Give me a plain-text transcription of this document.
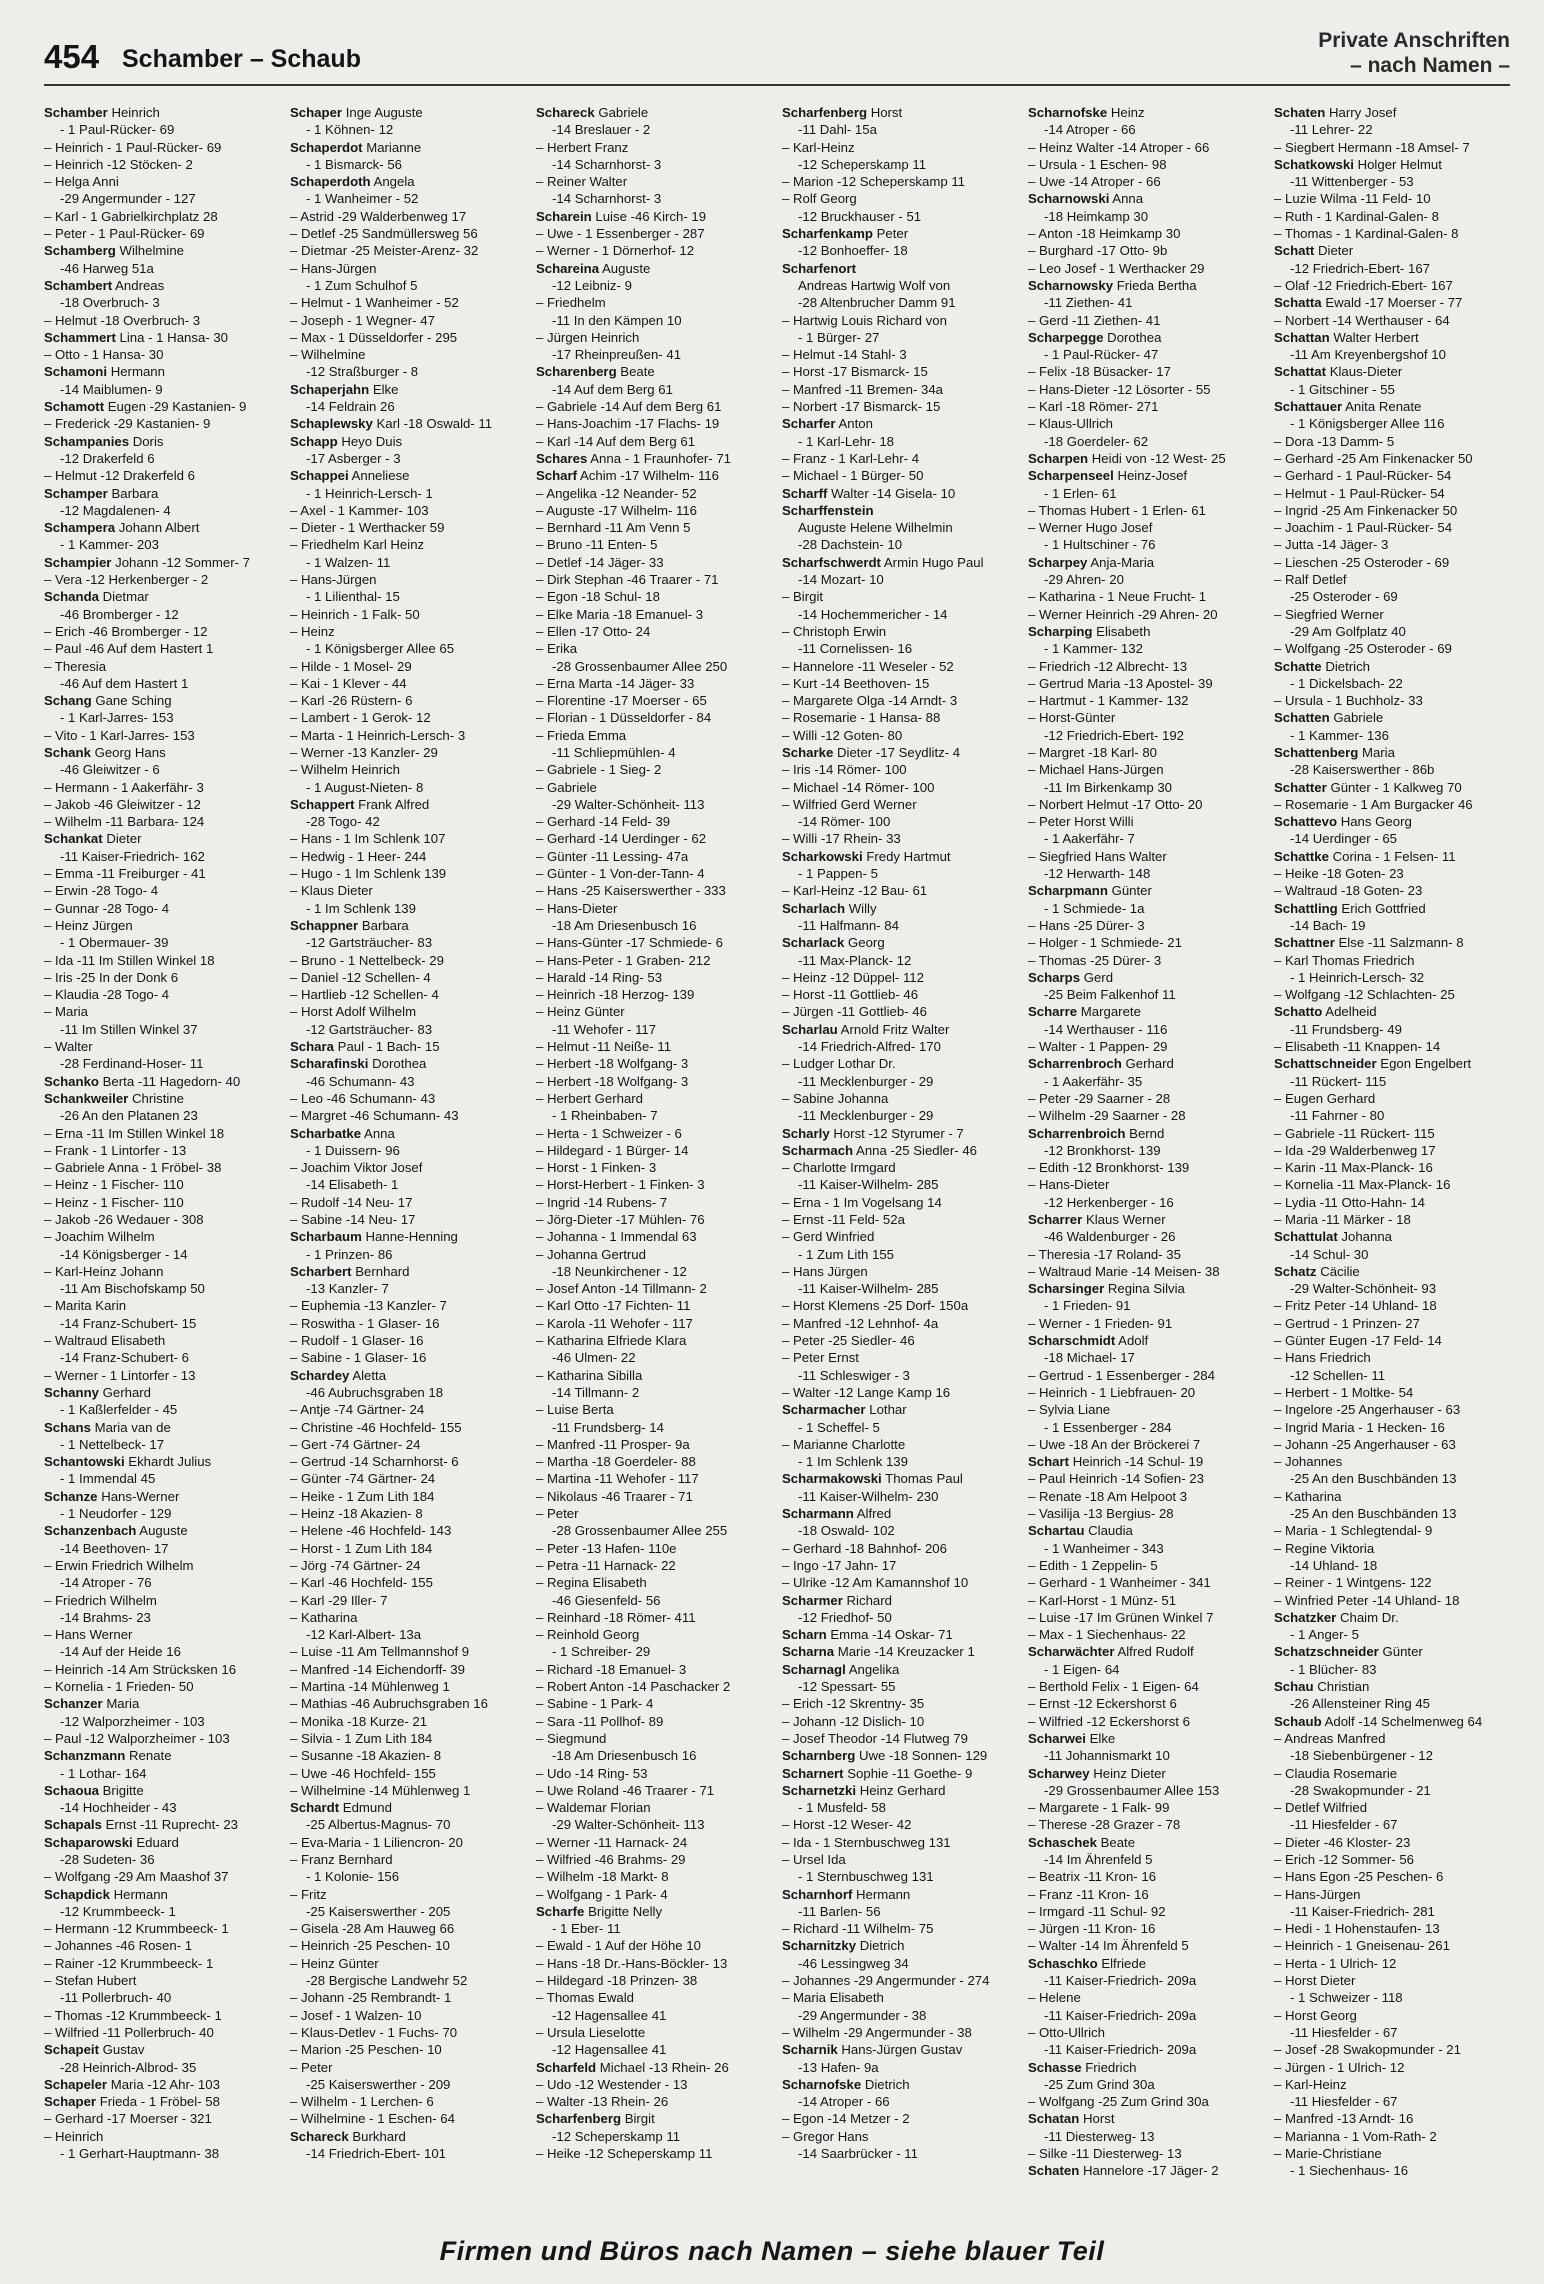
454 Schamber – Schaub
Private Anschriften
– nach Namen –
Schamber Heinrich
- 1 Paul-Rücker- 69
– Heinrich - 1 Paul-Rücker- 69
– Heinrich -12 Stöcken- 2
– Helga Anni
-29 Angermunder - 127
– Karl - 1 Gabrielkirchplatz 28
– Peter - 1 Paul-Rücker- 69
Schamberg Wilhelmine
-46 Harweg 51a
Schambert Andreas
-18 Overbruch- 3
– Helmut -18 Overbruch- 3
Schammert Lina - 1 Hansa- 30
– Otto - 1 Hansa- 30
Schamoni Hermann
-14 Maiblumen- 9
Schamott Eugen -29 Kastanien- 9
– Frederick -29 Kastanien- 9
Schampanies Doris
-12 Drakerfeld 6
– Helmut -12 Drakerfeld 6
Schamper Barbara
-12 Magdalenen- 4
Schampera Johann Albert
- 1 Kammer- 203
Schampier Johann -12 Sommer- 7
– Vera -12 Herkenberger - 2
Schanda Dietmar
-46 Bromberger - 12
– Erich -46 Bromberger - 12
– Paul -46 Auf dem Hastert 1
– Theresia
-46 Auf dem Hastert 1
Schang Gane Sching
- 1 Karl-Jarres- 153
– Vito - 1 Karl-Jarres- 153
Schank Georg Hans
-46 Gleiwitzer - 6
– Hermann - 1 Aakerfähr- 3
– Jakob -46 Gleiwitzer - 12
– Wilhelm -11 Barbara- 124
Schankat Dieter
-11 Kaiser-Friedrich- 162
– Emma -11 Freiburger - 41
– Erwin -28 Togo- 4
– Gunnar -28 Togo- 4
– Heinz Jürgen
- 1 Obermauer- 39
– Ida -11 Im Stillen Winkel 18
– Iris -25 In der Donk 6
– Klaudia -28 Togo- 4
– Maria
-11 Im Stillen Winkel 37
– Walter
-28 Ferdinand-Hoser- 11
Schanko Berta -11 Hagedorn- 40
Schankweiler Christine
-26 An den Platanen 23
– Erna -11 Im Stillen Winkel 18
– Frank - 1 Lintorfer - 13
– Gabriele Anna - 1 Fröbel- 38
– Heinz - 1 Fischer- 110
– Heinz - 1 Fischer- 110
– Jakob -26 Wedauer - 308
– Joachim Wilhelm
-14 Königsberger - 14
– Karl-Heinz Johann
-11 Am Bischofskamp 50
– Marita Karin
-14 Franz-Schubert- 15
– Waltraud Elisabeth
-14 Franz-Schubert- 6
– Werner - 1 Lintorfer - 13
Schanny Gerhard
- 1 Kaßlerfelder - 45
Schans Maria van de
- 1 Nettelbeck- 17
Schantowski Ekhardt Julius
- 1 Immendal 45
Schanze Hans-Werner
- 1 Neudorfer - 129
Schanzenbach Auguste
-14 Beethoven- 17
– Erwin Friedrich Wilhelm
-14 Atroper - 76
– Friedrich Wilhelm
-14 Brahms- 23
– Hans Werner
-14 Auf der Heide 16
– Heinrich -14 Am Strücksken 16
– Kornelia - 1 Frieden- 50
Schanzer Maria
-12 Walporzheimer - 103
– Paul -12 Walporzheimer - 103
Schanzmann Renate
- 1 Lothar- 164
Schaoua Brigitte
-14 Hochheider - 43
Schapals Ernst -11 Ruprecht- 23
Schaparowski Eduard
-28 Sudeten- 36
– Wolfgang -29 Am Maashof 37
Schapdick Hermann
-12 Krummbeeck- 1
– Hermann -12 Krummbeeck- 1
– Johannes -46 Rosen- 1
– Rainer -12 Krummbeeck- 1
– Stefan Hubert
-11 Pollerbruch- 40
– Thomas -12 Krummbeeck- 1
– Wilfried -11 Pollerbruch- 40
Schapeit Gustav
-28 Heinrich-Albrod- 35
Schapeler Maria -12 Ahr- 103
Schaper Frieda - 1 Fröbel- 58
– Gerhard -17 Moerser - 321
– Heinrich
- 1 Gerhart-Hauptmann- 38
Schaper Inge Auguste
- 1 Köhnen- 12
Schaperdot Marianne
- 1 Bismarck- 56
Schaperdoth Angela
- 1 Wanheimer - 52
– Astrid -29 Walderbenweg 17
– Detlef -25 Sandmüllersweg 56
– Dietmar -25 Meister-Arenz- 32
– Hans-Jürgen
- 1 Zum Schulhof 5
– Helmut - 1 Wanheimer - 52
– Joseph - 1 Wegner- 47
– Max - 1 Düsseldorfer - 295
– Wilhelmine
-12 Straßburger - 8
Schaperjahn Elke
-14 Feldrain 26
Schaplewsky Karl -18 Oswald- 11
Schapp Heyo Duis
-17 Asberger - 3
Schappei Anneliese
- 1 Heinrich-Lersch- 1
– Axel - 1 Kammer- 103
– Dieter - 1 Werthacker 59
– Friedhelm Karl Heinz
- 1 Walzen- 11
– Hans-Jürgen
- 1 Lilienthal- 15
– Heinrich - 1 Falk- 50
– Heinz
- 1 Königsberger Allee 65
– Hilde - 1 Mosel- 29
– Kai - 1 Klever - 44
– Karl -26 Rüstern- 6
– Lambert - 1 Gerok- 12
– Marta - 1 Heinrich-Lersch- 3
– Werner -13 Kanzler- 29
– Wilhelm Heinrich
- 1 August-Nieten- 8
Schappert Frank Alfred
-28 Togo- 42
– Hans - 1 Im Schlenk 107
– Hedwig - 1 Heer- 244
– Hugo - 1 Im Schlenk 139
– Klaus Dieter
- 1 Im Schlenk 139
Schappner Barbara
-12 Gartsträucher- 83
– Bruno - 1 Nettelbeck- 29
– Daniel -12 Schellen- 4
– Hartlieb -12 Schellen- 4
– Horst Adolf Wilhelm
-12 Gartsträucher- 83
Schara Paul - 1 Bach- 15
Scharafinski Dorothea
-46 Schumann- 43
– Leo -46 Schumann- 43
– Margret -46 Schumann- 43
Scharbatke Anna
- 1 Duissern- 96
– Joachim Viktor Josef
-14 Elisabeth- 1
– Rudolf -14 Neu- 17
– Sabine -14 Neu- 17
Scharbaum Hanne-Henning
- 1 Prinzen- 86
Scharbert Bernhard
-13 Kanzler- 7
– Euphemia -13 Kanzler- 7
– Roswitha - 1 Glaser- 16
– Rudolf - 1 Glaser- 16
– Sabine - 1 Glaser- 16
Schardey Aletta
-46 Aubruchsgraben 18
– Antje -74 Gärtner- 24
– Christine -46 Hochfeld- 155
– Gert -74 Gärtner- 24
– Gertrud -14 Scharnhorst- 6
– Günter -74 Gärtner- 24
– Heike - 1 Zum Lith 184
– Heinz -18 Akazien- 8
– Helene -46 Hochfeld- 143
– Horst - 1 Zum Lith 184
– Jörg -74 Gärtner- 24
– Karl -46 Hochfeld- 155
– Karl -29 Iller- 7
– Katharina
-12 Karl-Albert- 13a
– Luise -11 Am Tellmannshof 9
– Manfred -14 Eichendorff- 39
– Martina -14 Mühlenweg 1
– Mathias -46 Aubruchsgraben 16
– Monika -18 Kurze- 21
– Silvia - 1 Zum Lith 184
– Susanne -18 Akazien- 8
– Uwe -46 Hochfeld- 155
– Wilhelmine -14 Mühlenweg 1
Schardt Edmund
-25 Albertus-Magnus- 70
– Eva-Maria - 1 Liliencron- 20
– Franz Bernhard
- 1 Kolonie- 156
– Fritz
-25 Kaiserswerther - 205
– Gisela -28 Am Hauweg 66
– Heinrich -25 Peschen- 10
– Heinz Günter
-28 Bergische Landwehr 52
– Johann -25 Rembrandt- 1
– Josef - 1 Walzen- 10
– Klaus-Detlev - 1 Fuchs- 70
– Marion -25 Peschen- 10
– Peter
-25 Kaiserswerther - 209
– Wilhelm - 1 Lerchen- 6
– Wilhelmine - 1 Eschen- 64
Schareck Burkhard
-14 Friedrich-Ebert- 101
Schareck Gabriele
-14 Breslauer - 2
– Herbert Franz
-14 Scharnhorst- 3
– Reiner Walter
-14 Scharnhorst- 3
Scharein Luise -46 Kirch- 19
– Uwe - 1 Essenberger - 287
– Werner - 1 Dörnerhof- 12
Schareina Auguste
-12 Leibniz- 9
– Friedhelm
-11 In den Kämpen 10
– Jürgen Heinrich
-17 Rheinpreußen- 41
Scharenberg Beate
-14 Auf dem Berg 61
– Gabriele -14 Auf dem Berg 61
– Hans-Joachim -17 Flachs- 19
– Karl -14 Auf dem Berg 61
Schares Anna - 1 Fraunhofer- 71
Scharf Achim -17 Wilhelm- 116
– Angelika -12 Neander- 52
– Auguste -17 Wilhelm- 116
– Bernhard -11 Am Venn 5
– Bruno -11 Enten- 5
– Detlef -14 Jäger- 33
– Dirk Stephan -46 Traarer - 71
– Egon -18 Schul- 18
– Elke Maria -18 Emanuel- 3
– Ellen -17 Otto- 24
– Erika
-28 Grossenbaumer Allee 250
– Erna Marta -14 Jäger- 33
– Florentine -17 Moerser - 65
– Florian - 1 Düsseldorfer - 84
– Frieda Emma
-11 Schliepmühlen- 4
– Gabriele - 1 Sieg- 2
– Gabriele
-29 Walter-Schönheit- 113
– Gerhard -14 Feld- 39
– Gerhard -14 Uerdinger - 62
– Günter -11 Lessing- 47a
– Günter - 1 Von-der-Tann- 4
– Hans -25 Kaiserswerther - 333
– Hans-Dieter
-18 Am Driesenbusch 16
– Hans-Günter -17 Schmiede- 6
– Hans-Peter - 1 Graben- 212
– Harald -14 Ring- 53
– Heinrich -18 Herzog- 139
– Heinz Günter
-11 Wehofer - 117
– Helmut -11 Neiße- 11
– Herbert -18 Wolfgang- 3
– Herbert -18 Wolfgang- 3
– Herbert Gerhard
- 1 Rheinbaben- 7
– Herta - 1 Schweizer - 6
– Hildegard - 1 Bürger- 14
– Horst - 1 Finken- 3
– Horst-Herbert - 1 Finken- 3
– Ingrid -14 Rubens- 7
– Jörg-Dieter -17 Mühlen- 76
– Johanna - 1 Immendal 63
– Johanna Gertrud
-18 Neunkirchener - 12
– Josef Anton -14 Tillmann- 2
– Karl Otto -17 Fichten- 11
– Karola -11 Wehofer - 117
– Katharina Elfriede Klara
-46 Ulmen- 22
– Katharina Sibilla
-14 Tillmann- 2
– Luise Berta
-11 Frundsberg- 14
– Manfred -11 Prosper- 9a
– Martha -18 Goerdeler- 88
– Martina -11 Wehofer - 117
– Nikolaus -46 Traarer - 71
– Peter
-28 Grossenbaumer Allee 255
– Peter -13 Hafen- 110e
– Petra -11 Harnack- 22
– Regina Elisabeth
-46 Giesenfeld- 56
– Reinhard -18 Römer- 411
– Reinhold Georg
- 1 Schreiber- 29
– Richard -18 Emanuel- 3
– Robert Anton -14 Paschacker 2
– Sabine - 1 Park- 4
– Sara -11 Pollhof- 89
– Siegmund
-18 Am Driesenbusch 16
– Udo -14 Ring- 53
– Uwe Roland -46 Traarer - 71
– Waldemar Florian
-29 Walter-Schönheit- 113
– Werner -11 Harnack- 24
– Wilfried -46 Brahms- 29
– Wilhelm -18 Markt- 8
– Wolfgang - 1 Park- 4
Scharfe Brigitte Nelly
- 1 Eber- 11
– Ewald - 1 Auf der Höhe 10
– Hans -18 Dr.-Hans-Böckler- 13
– Hildegard -18 Prinzen- 38
– Thomas Ewald
-12 Hagensallee 41
– Ursula Lieselotte
-12 Hagensallee 41
Scharfeld Michael -13 Rhein- 26
– Udo -12 Westender - 13
– Walter -13 Rhein- 26
Scharfenberg Birgit
-12 Scheperskamp 11
– Heike -12 Scheperskamp 11
Scharfenberg Horst
-11 Dahl- 15a
– Karl-Heinz
-12 Scheperskamp 11
– Marion -12 Scheperskamp 11
– Rolf Georg
-12 Bruckhauser - 51
Scharfenkamp Peter
-12 Bonhoeffer- 18
Scharfenort
Andreas Hartwig Wolf von
-28 Altenbrucher Damm 91
– Hartwig Louis Richard von
- 1 Bürger- 27
– Helmut -14 Stahl- 3
– Horst -17 Bismarck- 15
– Manfred -11 Bremen- 34a
– Norbert -17 Bismarck- 15
Scharfer Anton
- 1 Karl-Lehr- 18
– Franz - 1 Karl-Lehr- 4
– Michael - 1 Bürger- 50
Scharff Walter -14 Gisela- 10
Scharffenstein
Auguste Helene Wilhelmin
-28 Dachstein- 10
Scharfschwerdt Armin Hugo Paul
-14 Mozart- 10
– Birgit
-14 Hochemmericher - 14
– Christoph Erwin
-11 Cornelissen- 16
– Hannelore -11 Weseler - 52
– Kurt -14 Beethoven- 15
– Margarete Olga -14 Arndt- 3
– Rosemarie - 1 Hansa- 88
– Willi -12 Goten- 80
Scharke Dieter -17 Seydlitz- 4
– Iris -14 Römer- 100
– Michael -14 Römer- 100
– Wilfried Gerd Werner
-14 Römer- 100
– Willi -17 Rhein- 33
Scharkowski Fredy Hartmut
- 1 Pappen- 5
– Karl-Heinz -12 Bau- 61
Scharlach Willy
-11 Halfmann- 84
Scharlack Georg
-11 Max-Planck- 12
– Heinz -12 Düppel- 112
– Horst -11 Gottlieb- 46
– Jürgen -11 Gottlieb- 46
Scharlau Arnold Fritz Walter
-14 Friedrich-Alfred- 170
– Ludger Lothar Dr.
-11 Mecklenburger - 29
– Sabine Johanna
-11 Mecklenburger - 29
Scharly Horst -12 Styrumer - 7
Scharmach Anna -25 Siedler- 46
– Charlotte Irmgard
-11 Kaiser-Wilhelm- 285
– Erna - 1 Im Vogelsang 14
– Ernst -11 Feld- 52a
– Gerd Winfried
- 1 Zum Lith 155
– Hans Jürgen
-11 Kaiser-Wilhelm- 285
– Horst Klemens -25 Dorf- 150a
– Manfred -12 Lehnhof- 4a
– Peter -25 Siedler- 46
– Peter Ernst
-11 Schleswiger - 3
– Walter -12 Lange Kamp 16
Scharmacher Lothar
- 1 Scheffel- 5
– Marianne Charlotte
- 1 Im Schlenk 139
Scharmakowski Thomas Paul
-11 Kaiser-Wilhelm- 230
Scharmann Alfred
-18 Oswald- 102
– Gerhard -18 Bahnhof- 206
– Ingo -17 Jahn- 17
– Ulrike -12 Am Kamannshof 10
Scharmer Richard
-12 Friedhof- 50
Scharn Emma -14 Oskar- 71
Scharna Marie -14 Kreuzacker 1
Scharnagl Angelika
-12 Spessart- 55
– Erich -12 Skrentny- 35
– Johann -12 Dislich- 10
– Josef Theodor -14 Flutweg 79
Scharnberg Uwe -18 Sonnen- 129
Scharnert Sophie -11 Goethe- 9
Scharnetzki Heinz Gerhard
- 1 Musfeld- 58
– Horst -12 Weser- 42
– Ida - 1 Sternbuschweg 131
– Ursel Ida
- 1 Sternbuschweg 131
Scharnhorf Hermann
-11 Barlen- 56
– Richard -11 Wilhelm- 75
Scharnitzky Dietrich
-46 Lessingweg 34
– Johannes -29 Angermunder - 274
– Maria Elisabeth
-29 Angermunder - 38
– Wilhelm -29 Angermunder - 38
Scharnik Hans-Jürgen Gustav
-13 Hafen- 9a
Scharnofske Dietrich
-14 Atroper - 66
– Egon -14 Metzer - 2
– Gregor Hans
-14 Saarbrücker - 11
Scharnofske Heinz
-14 Atroper - 66
– Heinz Walter -14 Atroper - 66
– Ursula - 1 Eschen- 98
– Uwe -14 Atroper - 66
Scharnowski Anna
-18 Heimkamp 30
– Anton -18 Heimkamp 30
– Burghard -17 Otto- 9b
– Leo Josef - 1 Werthacker 29
Scharnowsky Frieda Bertha
-11 Ziethen- 41
– Gerd -11 Ziethen- 41
Scharpegge Dorothea
- 1 Paul-Rücker- 47
– Felix -18 Büsacker- 17
– Hans-Dieter -12 Lösorter - 55
– Karl -18 Römer- 271
– Klaus-Ullrich
-18 Goerdeler- 62
Scharpen Heidi von -12 West- 25
Scharpenseel Heinz-Josef
- 1 Erlen- 61
– Thomas Hubert - 1 Erlen- 61
– Werner Hugo Josef
- 1 Hultschiner - 76
Scharpey Anja-Maria
-29 Ahren- 20
– Katharina - 1 Neue Frucht- 1
– Werner Heinrich -29 Ahren- 20
Scharping Elisabeth
- 1 Kammer- 132
– Friedrich -12 Albrecht- 13
– Gertrud Maria -13 Apostel- 39
– Hartmut - 1 Kammer- 132
– Horst-Günter
-12 Friedrich-Ebert- 192
– Margret -18 Karl- 80
– Michael Hans-Jürgen
-11 Im Birkenkamp 30
– Norbert Helmut -17 Otto- 20
– Peter Horst Willi
- 1 Aakerfähr- 7
– Siegfried Hans Walter
-12 Herwarth- 148
Scharpmann Günter
- 1 Schmiede- 1a
– Hans -25 Dürer- 3
– Holger - 1 Schmiede- 21
– Thomas -25 Dürer- 3
Scharps Gerd
-25 Beim Falkenhof 11
Scharre Margarete
-14 Werthauser - 116
– Walter - 1 Pappen- 29
Scharrenbroch Gerhard
- 1 Aakerfähr- 35
– Peter -29 Saarner - 28
– Wilhelm -29 Saarner - 28
Scharrenbroich Bernd
-12 Bronkhorst- 139
– Edith -12 Bronkhorst- 139
– Hans-Dieter
-12 Herkenberger - 16
Scharrer Klaus Werner
-46 Waldenburger - 26
– Theresia -17 Roland- 35
– Waltraud Marie -14 Meisen- 38
Scharsinger Regina Silvia
- 1 Frieden- 91
– Werner - 1 Frieden- 91
Scharschmidt Adolf
-18 Michael- 17
– Gertrud - 1 Essenberger - 284
– Heinrich - 1 Liebfrauen- 20
– Sylvia Liane
- 1 Essenberger - 284
– Uwe -18 An der Bröckerei 7
Schart Heinrich -14 Schul- 19
– Paul Heinrich -14 Sofien- 23
– Renate -18 Am Helpoot 3
– Vasilija -13 Bergius- 28
Schartau Claudia
- 1 Wanheimer - 343
– Edith - 1 Zeppelin- 5
– Gerhard - 1 Wanheimer - 341
– Karl-Horst - 1 Münz- 51
– Luise -17 Im Grünen Winkel 7
– Max - 1 Siechenhaus- 22
Scharwächter Alfred Rudolf
- 1 Eigen- 64
– Berthold Felix - 1 Eigen- 64
– Ernst -12 Eckershorst 6
– Wilfried -12 Eckershorst 6
Scharwei Elke
-11 Johannismarkt 10
Scharwey Heinz Dieter
-29 Grossenbaumer Allee 153
– Margarete - 1 Falk- 99
– Therese -28 Grazer - 78
Schaschek Beate
-14 Im Ährenfeld 5
– Beatrix -11 Kron- 16
– Franz -11 Kron- 16
– Irmgard -11 Schul- 92
– Jürgen -11 Kron- 16
– Walter -14 Im Ährenfeld 5
Schaschko Elfriede
-11 Kaiser-Friedrich- 209a
– Helene
-11 Kaiser-Friedrich- 209a
– Otto-Ullrich
-11 Kaiser-Friedrich- 209a
Schasse Friedrich
-25 Zum Grind 30a
– Wolfgang -25 Zum Grind 30a
Schatan Horst
-11 Diesterweg- 13
– Silke -11 Diesterweg- 13
Schaten Hannelore -17 Jäger- 2
Schaten Harry Josef
-11 Lehrer- 22
– Siegbert Hermann -18 Amsel- 7
Schatkowski Holger Helmut
-11 Wittenberger - 53
– Luzie Wilma -11 Feld- 10
– Ruth - 1 Kardinal-Galen- 8
– Thomas - 1 Kardinal-Galen- 8
Schatt Dieter
-12 Friedrich-Ebert- 167
– Olaf -12 Friedrich-Ebert- 167
Schatta Ewald -17 Moerser - 77
– Norbert -14 Werthauser - 64
Schattan Walter Herbert
-11 Am Kreyenbergshof 10
Schattat Klaus-Dieter
- 1 Gitschiner - 55
Schattauer Anita Renate
- 1 Königsberger Allee 116
– Dora -13 Damm- 5
– Gerhard -25 Am Finkenacker 50
– Gerhard - 1 Paul-Rücker- 54
– Helmut - 1 Paul-Rücker- 54
– Ingrid -25 Am Finkenacker 50
– Joachim - 1 Paul-Rücker- 54
– Jutta -14 Jäger- 3
– Lieschen -25 Osteroder - 69
– Ralf Detlef
-25 Osteroder - 69
– Siegfried Werner
-29 Am Golfplatz 40
– Wolfgang -25 Osteroder - 69
Schatte Dietrich
- 1 Dickelsbach- 22
– Ursula - 1 Buchholz- 33
Schatten Gabriele
- 1 Kammer- 136
Schattenberg Maria
-28 Kaiserswerther - 86b
Schatter Günter - 1 Kalkweg 70
– Rosemarie - 1 Am Burgacker 46
Schattevo Hans Georg
-14 Uerdinger - 65
Schattke Corina - 1 Felsen- 11
– Heike -18 Goten- 23
– Waltraud -18 Goten- 23
Schattling Erich Gottfried
-14 Bach- 19
Schattner Else -11 Salzmann- 8
– Karl Thomas Friedrich
- 1 Heinrich-Lersch- 32
– Wolfgang -12 Schlachten- 25
Schatto Adelheid
-11 Frundsberg- 49
– Elisabeth -11 Knappen- 14
Schattschneider Egon Engelbert
-11 Rückert- 115
– Eugen Gerhard
-11 Fahrner - 80
– Gabriele -11 Rückert- 115
– Ida -29 Walderbenweg 17
– Karin -11 Max-Planck- 16
– Kornelia -11 Max-Planck- 16
– Lydia -11 Otto-Hahn- 14
– Maria -11 Märker - 18
Schattulat Johanna
-14 Schul- 30
Schatz Cäcilie
-29 Walter-Schönheit- 93
– Fritz Peter -14 Uhland- 18
– Gertrud - 1 Prinzen- 27
– Günter Eugen -17 Feld- 14
– Hans Friedrich
-12 Schellen- 11
– Herbert - 1 Moltke- 54
– Ingelore -25 Angerhauser - 63
– Ingrid Maria - 1 Hecken- 16
– Johann -25 Angerhauser - 63
– Johannes
-25 An den Buschbänden 13
– Katharina
-25 An den Buschbänden 13
– Maria - 1 Schlegtendal- 9
– Regine Viktoria
-14 Uhland- 18
– Reiner - 1 Wintgens- 122
– Winfried Peter -14 Uhland- 18
Schatzker Chaim Dr.
- 1 Anger- 5
Schatzschneider Günter
- 1 Blücher- 83
Schau Christian
-26 Allensteiner Ring 45
Schaub Adolf -14 Schelmenweg 64
– Andreas Manfred
-18 Siebenbürgener - 12
– Claudia Rosemarie
-28 Swakopmunder - 21
– Detlef Wilfried
-11 Hiesfelder - 67
– Dieter -46 Kloster- 23
– Erich -12 Sommer- 56
– Hans Egon -25 Peschen- 6
– Hans-Jürgen
-11 Kaiser-Friedrich- 281
– Hedi - 1 Hohenstaufen- 13
– Heinrich - 1 Gneisenau- 261
– Herta - 1 Ulrich- 12
– Horst Dieter
- 1 Schweizer - 118
– Horst Georg
-11 Hiesfelder - 67
– Josef -28 Swakopmunder - 21
– Jürgen - 1 Ulrich- 12
– Karl-Heinz
-11 Hiesfelder - 67
– Manfred -13 Arndt- 16
– Marianna - 1 Vom-Rath- 2
– Marie-Christiane
- 1 Siechenhaus- 16
Firmen und Büros nach Namen – siehe blauer Teil
